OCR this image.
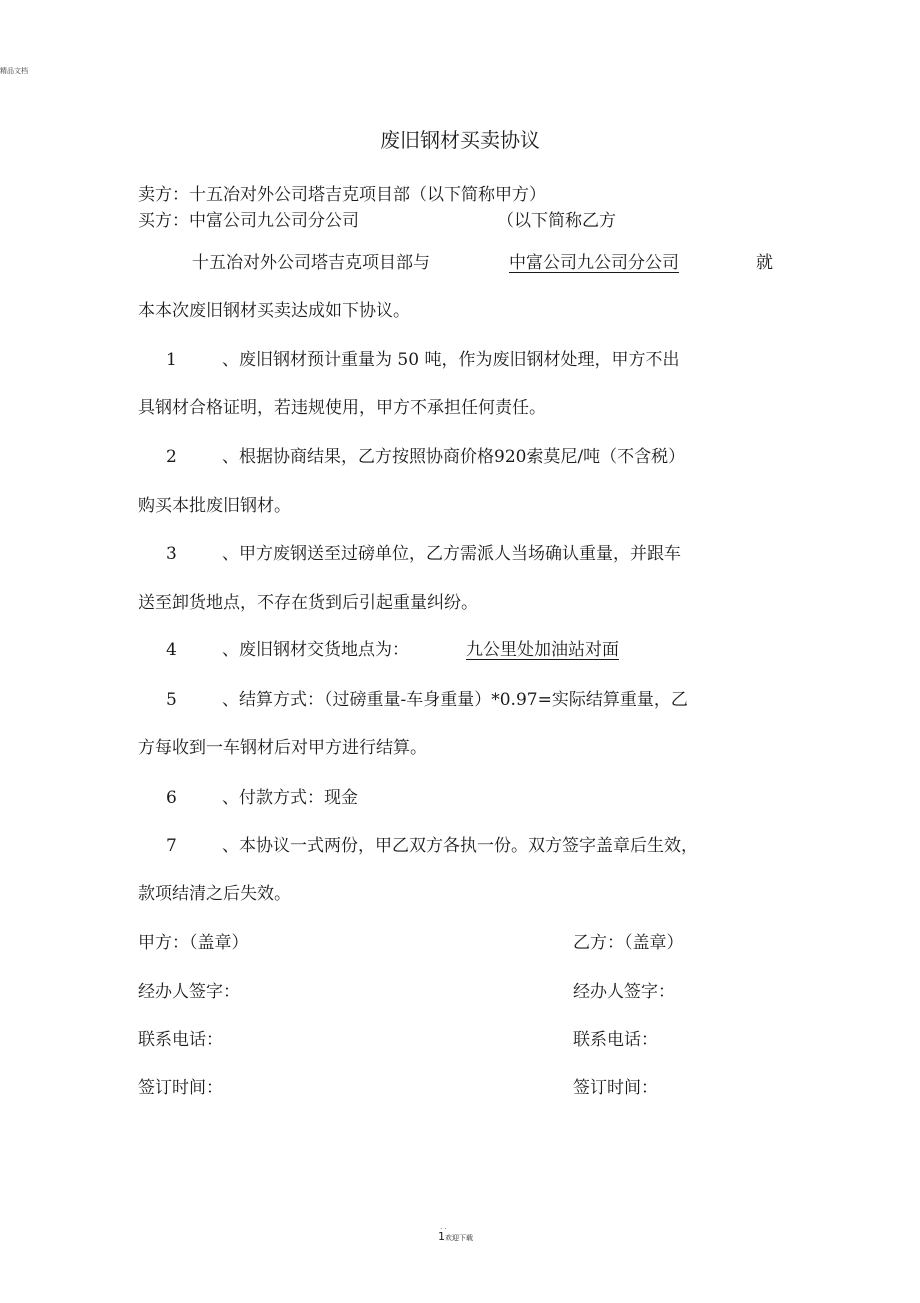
精品文档
废旧钢材买卖协议
卖方：十五冶对外公司塔吉克项目部（以下简称甲方）
买方：中富公司九公司分公司	（以下简称乙方
十五冶对外公司塔吉克项目部与	中富公司九公司分公司	就
本本次废旧钢材买卖达成如下协议。
1	、废旧钢材预计重量为 50 吨，作为废旧钢材处理，甲方不出
具钢材合格证明，若违规使用，甲方不承担任何责任。
2	、根据协商结果，乙方按照协商价格920索莫尼/吨（不含税）
购买本批废旧钢材。
3	、甲方废钢送至过磅单位，乙方需派人当场确认重量，并跟车
送至卸货地点，不存在货到后引起重量纠纷。
4	、废旧钢材交货地点为：	九公里处加油站对面
5	、结算方式：（过磅重量-车身重量）*0.97=实际结算重量，乙
方每收到一车钢材后对甲方进行结算。
6	、付款方式：现金
7	、本协议一式两份，甲乙双方各执一份。双方签字盖章后生效，
款项结清之后失效。
甲方：（盖章）	乙方：（盖章）
经办人签字：	经办人签字：
联系电话：	联系电话：
签订时间：	签订时间：
. .
1欢迎下载
